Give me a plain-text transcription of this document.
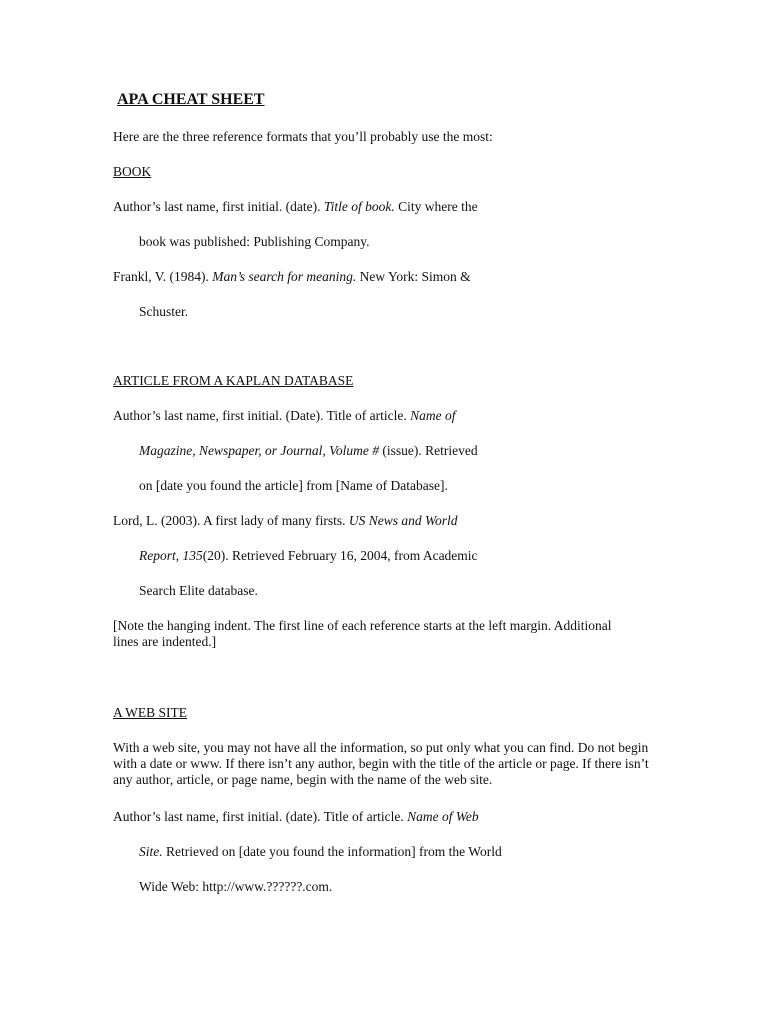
APA CHEAT SHEET
Here are the three reference formats that you’ll probably use the most:
BOOK
Author’s last name, first initial. (date). Title of book. City where the
book was published: Publishing Company.
Frankl, V. (1984). Man’s search for meaning. New York: Simon &
Schuster.
ARTICLE FROM A KAPLAN DATABASE
Author’s last name, first initial. (Date). Title of article. Name of
Magazine, Newspaper, or Journal, Volume # (issue). Retrieved
on [date you found the article] from [Name of Database].
Lord, L. (2003). A first lady of many firsts. US News and World
Report, 135(20). Retrieved February 16, 2004, from Academic
Search Elite database.
[Note the hanging indent. The first line of each reference starts at the left margin. Additional lines are indented.]
A WEB SITE
With a web site, you may not have all the information, so put only what you can find. Do not begin with a date or www. If there isn’t any author, begin with the title of the article or page. If there isn’t any author, article, or page name, begin with the name of the web site.
Author’s last name, first initial. (date). Title of article. Name of Web
Site. Retrieved on [date you found the information] from the World
Wide Web: http://www.??????.com.
